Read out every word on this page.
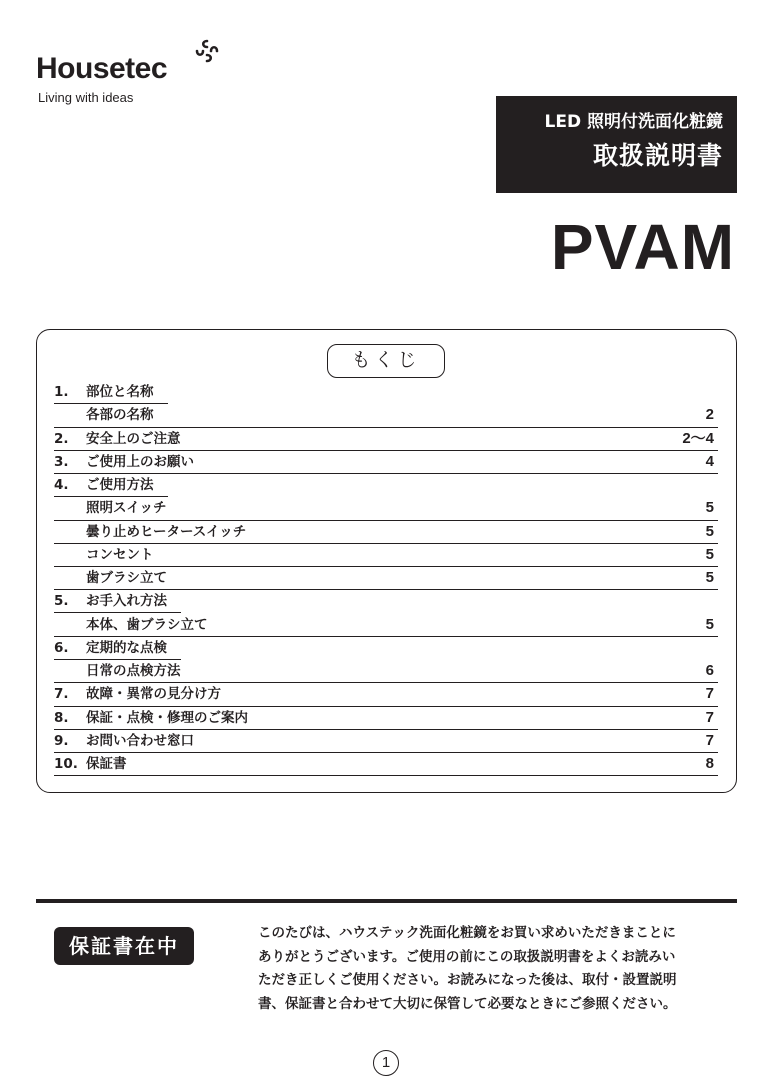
Housetec
Living with ideas
LED 照明付洗面化粧鏡
取扱説明書
PVAM
もくじ
1. 部位と名称
各部の名称	2
2. 安全上のご注意	2～4
3. ご使用上のお願い	4
4. ご使用方法
照明スイッチ	5
曇り止めヒータースイッチ	5
コンセント	5
歯ブラシ立て	5
5. お手入れ方法
本体、歯ブラシ立て	5
6. 定期的な点検
日常の点検方法	6
7. 故障・異常の見分け方	7
8. 保証・点検・修理のご案内	7
9. お問い合わせ窓口	7
10. 保証書	8
保証書在中

このたびは、ハウステック洗面化粧鏡をお買い求めいただきまことに

ありがとうございます。ご使用の前にこの取扱説明書をよくお読みい

ただき正しくご使用ください。お読みになった後は、取付・設置説明

書、保証書と合わせて大切に保管して必要なときにご参照ください。

1
